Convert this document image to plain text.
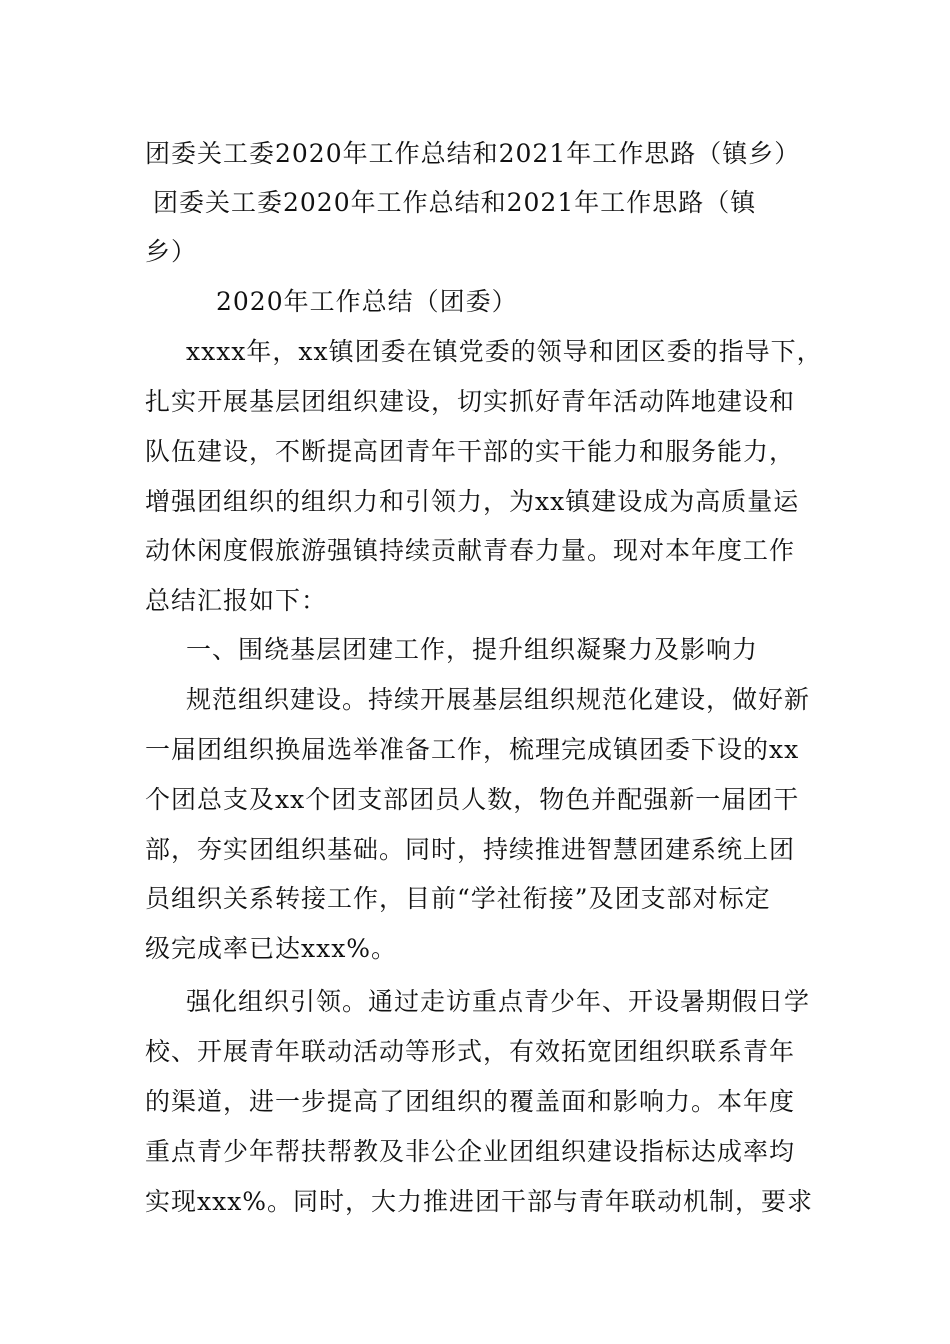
团委关工委2020年工作总结和2021年工作思路（镇乡）
团委关工委2020年工作总结和2021年工作思路（镇
乡）
2020年工作总结（团委）
xxxx年，xx镇团委在镇党委的领导和团区委的指导下，
扎实开展基层团组织建设，切实抓好青年活动阵地建设和
队伍建设，不断提高团青年干部的实干能力和服务能力，
增强团组织的组织力和引领力，为xx镇建设成为高质量运
动休闲度假旅游强镇持续贡献青春力量。现对本年度工作
总结汇报如下：
一、围绕基层团建工作，提升组织凝聚力及影响力
规范组织建设。持续开展基层组织规范化建设，做好新
一届团组织换届选举准备工作，梳理完成镇团委下设的xx
个团总支及xx个团支部团员人数，物色并配强新一届团干
部，夯实团组织基础。同时，持续推进智慧团建系统上团
员组织关系转接工作，目前“学社衔接”及团支部对标定
级完成率已达xxx%。
强化组织引领。通过走访重点青少年、开设暑期假日学
校、开展青年联动活动等形式，有效拓宽团组织联系青年
的渠道，进一步提高了团组织的覆盖面和影响力。本年度
重点青少年帮扶帮教及非公企业团组织建设指标达成率均
实现xxx%。同时，大力推进团干部与青年联动机制，要求
